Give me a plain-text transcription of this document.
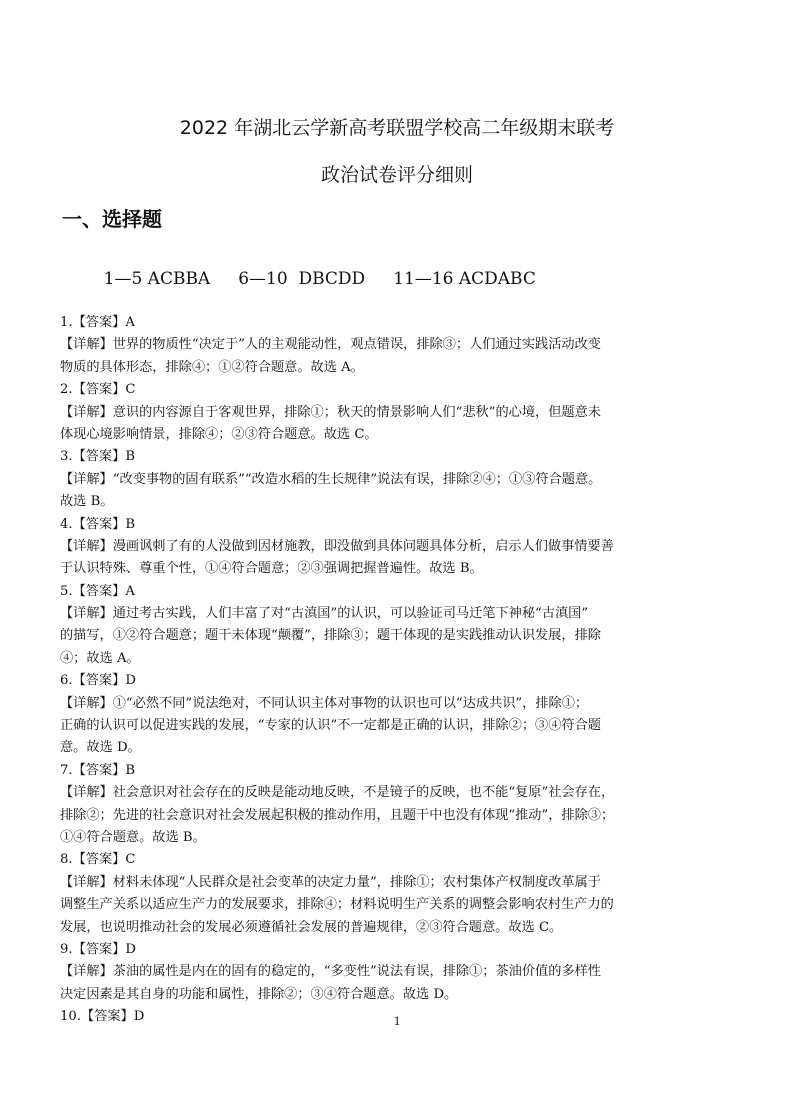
2022 年湖北云学新高考联盟学校高二年级期末联考
政治试卷评分细则
一、选择题

1—5 ACBBA 6—10  DBCDD 11—16 ACDABC

1.【答案】A
【详解】世界的物质性“决定于”人的主观能动性，观点错误，排除③；人们通过实践活动改变
物质的具体形态，排除④；①②符合题意。故选 A。
2.【答案】C
【详解】意识的内容源自于客观世界，排除①；秋天的情景影响人们“悲秋”的心境，但题意未
体现心境影响情景，排除④；②③符合题意。故选 C。
3.【答案】B
【详解】“改变事物的固有联系”“改造水稻的生长规律”说法有误，排除②④；①③符合题意。
故选 B。
4.【答案】B
【详解】漫画讽刺了有的人没做到因材施教，即没做到具体问题具体分析，启示人们做事情要善
于认识特殊、尊重个性，①④符合题意；②③强调把握普遍性。故选 B。
5.【答案】A
【详解】通过考古实践，人们丰富了对“古滇国”的认识，可以验证司马迁笔下神秘“古滇国”
的描写，①②符合题意；题干未体现“颠覆”，排除③；题干体现的是实践推动认识发展，排除
④；故选 A。
6.【答案】D
【详解】①“必然不同”说法绝对，不同认识主体对事物的认识也可以“达成共识”，排除①；
正确的认识可以促进实践的发展，“专家的认识”不一定都是正确的认识，排除②；③④符合题
意。故选 D。
7.【答案】B
【详解】社会意识对社会存在的反映是能动地反映，不是镜子的反映，也不能“复原”社会存在，
排除②；先进的社会意识对社会发展起积极的推动作用，且题干中也没有体现“推动”，排除③；
①④符合题意。故选 B。
8.【答案】C
【详解】材料未体现“人民群众是社会变革的决定力量”，排除①；农村集体产权制度改革属于
调整生产关系以适应生产力的发展要求，排除④；材料说明生产关系的调整会影响农村生产力的
发展，也说明推动社会的发展必须遵循社会发展的普遍规律，②③符合题意。故选 C。
9.【答案】D
【详解】茶油的属性是内在的固有的稳定的，“多变性”说法有误，排除①；茶油价值的多样性
决定因素是其自身的功能和属性，排除②；③④符合题意。故选 D。
10.【答案】D	1
